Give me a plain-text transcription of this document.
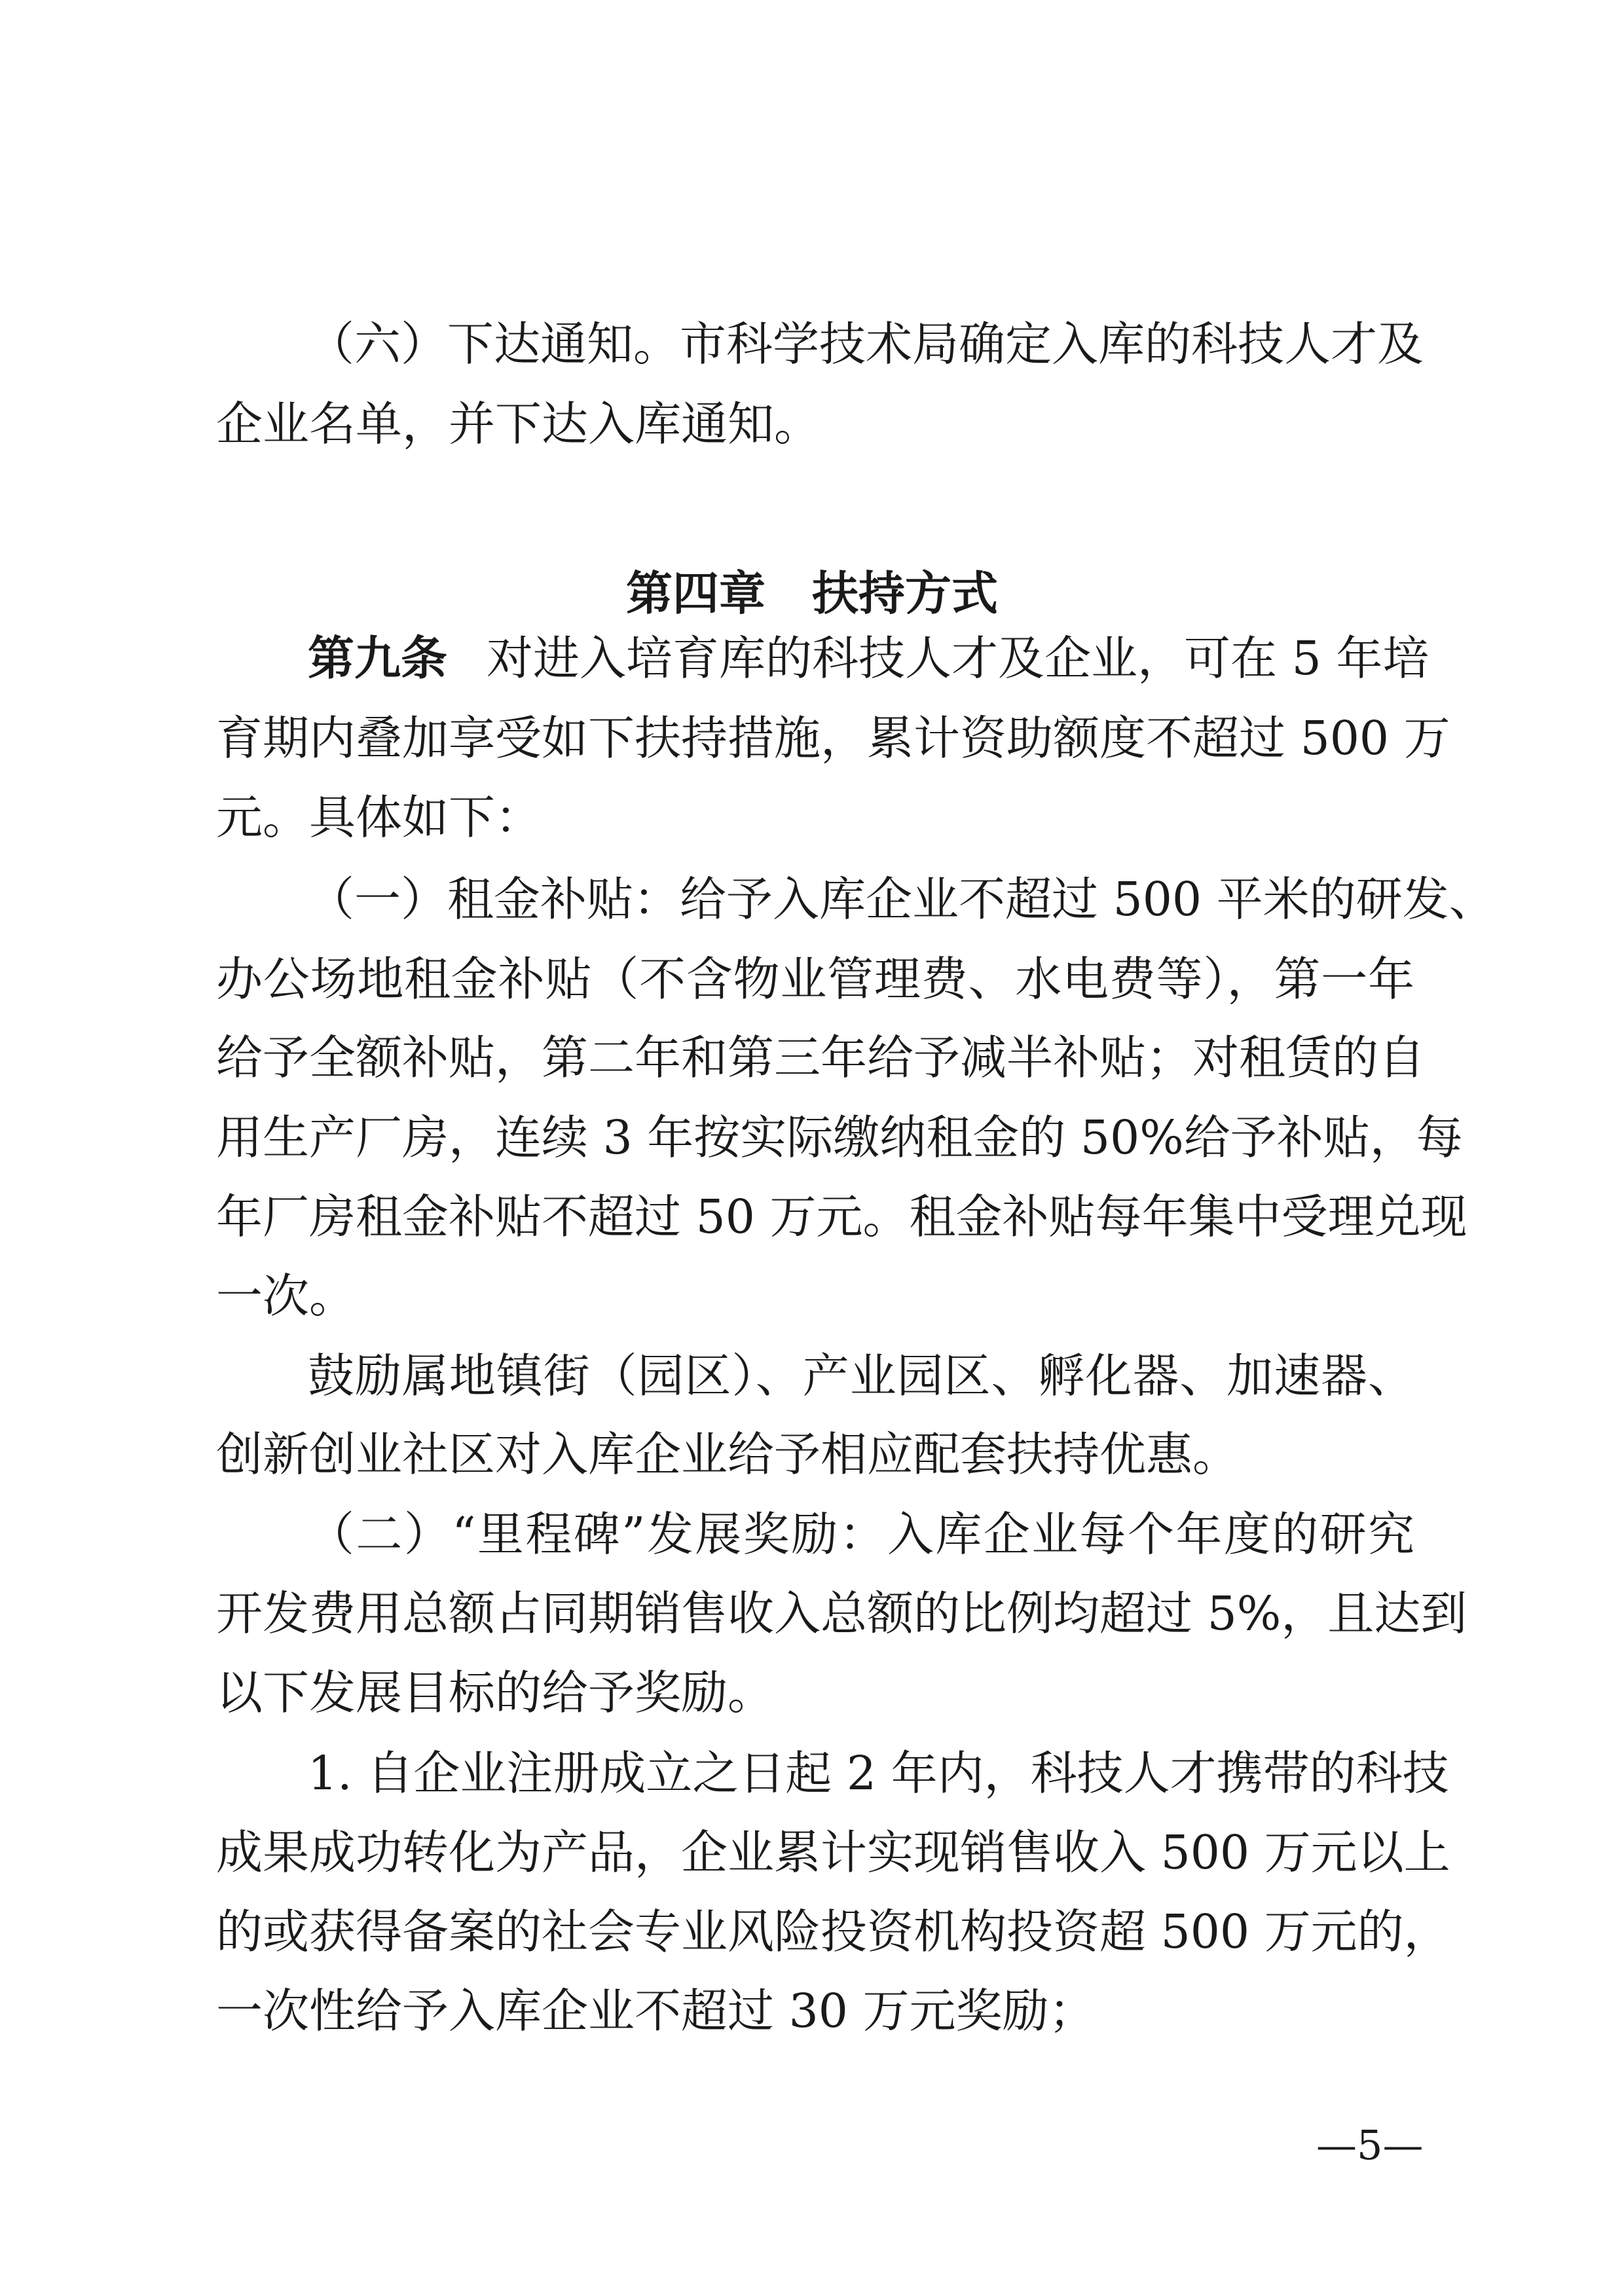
（六）下达通知。市科学技术局确定入库的科技人才及
企业名单，并下达入库通知。
第四章　扶持方式
第九条 对进入培育库的科技人才及企业，可在 5 年培
育期内叠加享受如下扶持措施，累计资助额度不超过 500 万
元。具体如下：
（一）租金补贴：给予入库企业不超过 500 平米的研发、
办公场地租金补贴（不含物业管理费、水电费等），第一年
给予全额补贴，第二年和第三年给予减半补贴；对租赁的自
用生产厂房，连续 3 年按实际缴纳租金的 50%给予补贴，每
年厂房租金补贴不超过 50 万元。租金补贴每年集中受理兑现
一次。
鼓励属地镇街（园区）、产业园区、孵化器、加速器、
创新创业社区对入库企业给予相应配套扶持优惠。
（二）“里程碑”发展奖励：入库企业每个年度的研究
开发费用总额占同期销售收入总额的比例均超过 5%，且达到
以下发展目标的给予奖励。
1. 自企业注册成立之日起 2 年内，科技人才携带的科技
成果成功转化为产品，企业累计实现销售收入 500 万元以上
的或获得备案的社会专业风险投资机构投资超 500 万元的，
一次性给予入库企业不超过 30 万元奖励；
—5—
